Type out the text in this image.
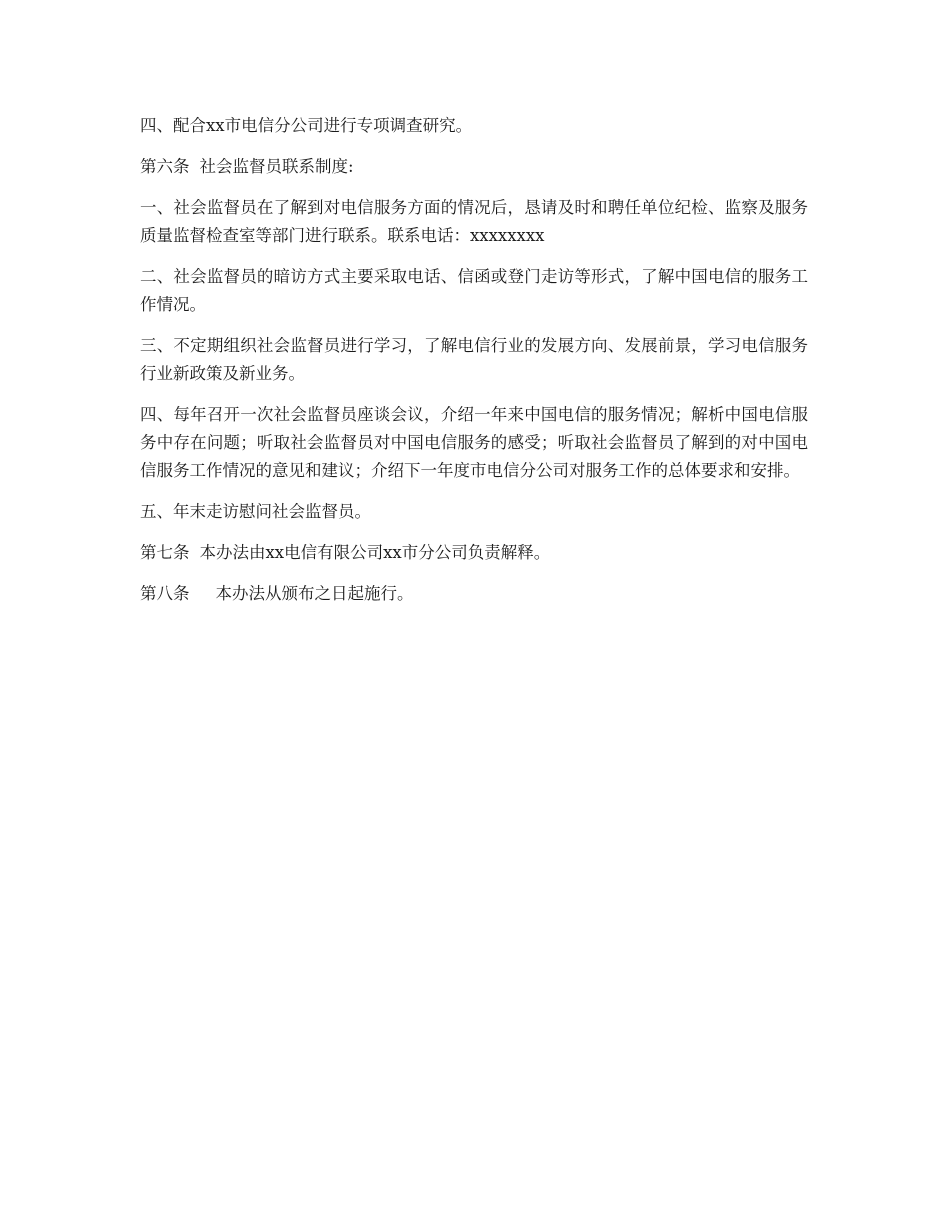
四、配合xx市电信分公司进行专项调查研究。

第六条 社会监督员联系制度:

一、社会监督员在了解到对电信服务方面的情况后，恳请及时和聘任单位纪检、监察及服务质量监督检查室等部门进行联系。联系电话：xxxxxxxx

二、社会监督员的暗访方式主要采取电话、信函或登门走访等形式，了解中国电信的服务工作情况。

三、不定期组织社会监督员进行学习，了解电信行业的发展方向、发展前景，学习电信服务行业新政策及新业务。

四、每年召开一次社会监督员座谈会议，介绍一年来中国电信的服务情况；解析中国电信服务中存在问题；听取社会监督员对中国电信服务的感受；听取社会监督员了解到的对中国电信服务工作情况的意见和建议；介绍下一年度市电信分公司对服务工作的总体要求和安排。

五、年末走访慰问社会监督员。

第七条 本办法由xx电信有限公司xx市分公司负责解释。

第八条 本办法从颁布之日起施行。
